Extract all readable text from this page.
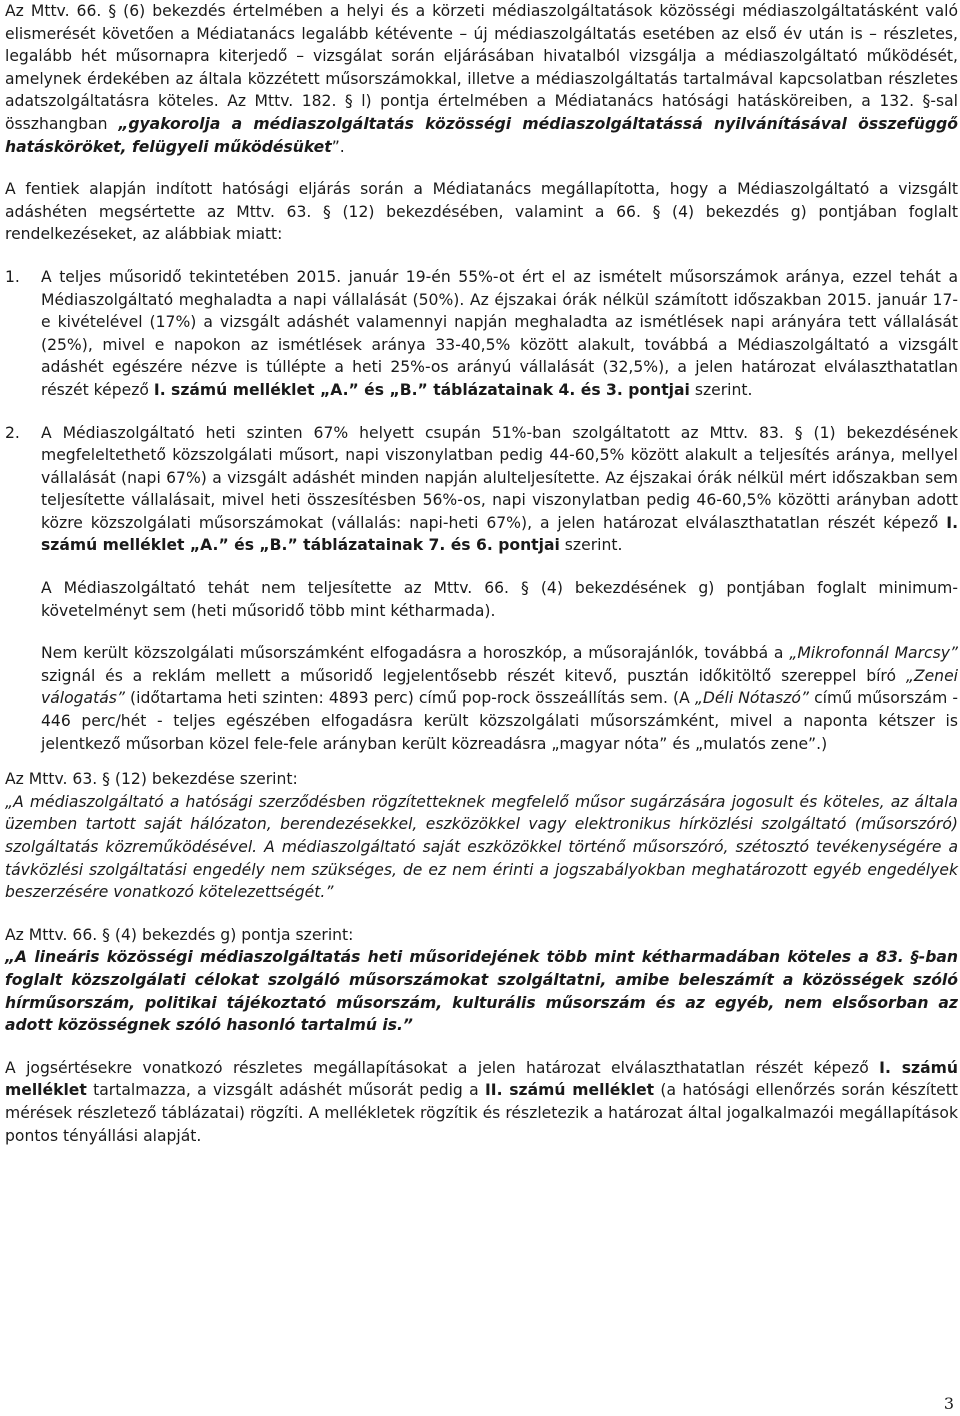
Az Mttv. 66. § (6) bekezdés értelmében a helyi és a körzeti médiaszolgáltatások közösségi médiaszolgáltatásként való elismerését követően a Médiatanács legalább kétévente – új médiaszolgáltatás esetében az első év után is – részletes, legalább hét műsornapra kiterjedő – vizsgálat során eljárásában hivatalból vizsgálja a médiaszolgáltató működését, amelynek érdekében az általa közzétett műsorszámokkal, illetve a médiaszolgáltatás tartalmával kapcsolatban részletes adatszolgáltatásra köteles. Az Mttv. 182. § l) pontja értelmében a Médiatanács hatósági hatásköreiben, a 132. §-sal összhangban „gyakorolja a médiaszolgáltatás közösségi médiaszolgáltatássá nyilvánításával összefüggő hatásköröket, felügyeli működésüket”.

A fentiek alapján indított hatósági eljárás során a Médiatanács megállapította, hogy a Médiaszolgáltató a vizsgált adáshéten megsértette az Mttv. 63. § (12) bekezdésében, valamint a 66. § (4) bekezdés g) pontjában foglalt rendelkezéseket, az alábbiak miatt:

1. A teljes műsoridő tekintetében 2015. január 19-én 55%-ot ért el az ismételt műsorszámok aránya, ezzel tehát a Médiaszolgáltató meghaladta a napi vállalását (50%). Az éjszakai órák nélkül számított időszakban 2015. január 17-e kivételével (17%) a vizsgált adáshét valamennyi napján meghaladta az ismétlések napi arányára tett vállalását (25%), mivel e napokon az ismétlések aránya 33-40,5% között alakult, továbbá a Médiaszolgáltató a vizsgált adáshét egészére nézve is túllépte a heti 25%-os arányú vállalását (32,5%), a jelen határozat elválaszthatatlan részét képező I. számú melléklet „A.” és „B.” táblázatainak 4. és 3. pontjai szerint.

2. A Médiaszolgáltató heti szinten 67% helyett csupán 51%-ban szolgáltatott az Mttv. 83. § (1) bekezdésének megfeleltethető közszolgálati műsort, napi viszonylatban pedig 44-60,5% között alakult a teljesítés aránya, mellyel vállalását (napi 67%) a vizsgált adáshét minden napján alulteljesítette. Az éjszakai órák nélkül mért időszakban sem teljesítette vállalásait, mivel heti összesítésben 56%-os, napi viszonylatban pedig 46-60,5% közötti arányban adott közre közszolgálati műsorszámokat (vállalás: napi-heti 67%), a jelen határozat elválaszthatatlan részét képező I. számú melléklet „A.” és „B.” táblázatainak 7. és 6. pontjai szerint.

A Médiaszolgáltató tehát nem teljesítette az Mttv. 66. § (4) bekezdésének g) pontjában foglalt minimum-követelményt sem (heti műsoridő több mint kétharmada).

Nem került közszolgálati műsorszámként elfogadásra a horoszkóp, a műsorajánlók, továbbá a „Mikrofonnál Marcsy” szignál és a reklám mellett a műsoridő legjelentősebb részét kitevő, pusztán időkitöltő szereppel bíró „Zenei válogatás” (időtartama heti szinten: 4893 perc) című pop-rock összeállítás sem. (A „Déli Nótaszó” című műsorszám - 446 perc/hét - teljes egészében elfogadásra került közszolgálati műsorszámként, mivel a naponta kétszer is jelentkező műsorban közel fele-fele arányban került közreadásra „magyar nóta” és „mulatós zene”.)

Az Mttv. 63. § (12) bekezdése szerint:

„A médiaszolgáltató a hatósági szerződésben rögzítetteknek megfelelő műsor sugárzására jogosult és köteles, az általa üzemben tartott saját hálózaton, berendezésekkel, eszközökkel vagy elektronikus hírközlési szolgáltató (műsorszóró) szolgáltatás közreműködésével. A médiaszolgáltató saját eszközökkel történő műsorszóró, szétosztó tevékenységére a távközlési szolgáltatási engedély nem szükséges, de ez nem érinti a jogszabályokban meghatározott egyéb engedélyek beszerzésére vonatkozó kötelezettségét.”

Az Mttv. 66. § (4) bekezdés g) pontja szerint:

„A lineáris közösségi médiaszolgáltatás heti műsoridejének több mint kétharmadában köteles a 83. §-ban foglalt közszolgálati célokat szolgáló műsorszámokat szolgáltatni, amibe beleszámít a közösségek szóló hírműsorszám, politikai tájékoztató műsorszám, kulturális műsorszám és az egyéb, nem elsősorban az adott közösségnek szóló hasonló tartalmú is.”

A jogsértésekre vonatkozó részletes megállapításokat a jelen határozat elválaszthatatlan részét képező I. számú melléklet tartalmazza, a vizsgált adáshét műsorát pedig a II. számú melléklet (a hatósági ellenőrzés során készített mérések részletező táblázatai) rögzíti. A mellékletek rögzítik és részletezik a határozat által jogalkalmazói megállapítások pontos tényállási alapját.

3
